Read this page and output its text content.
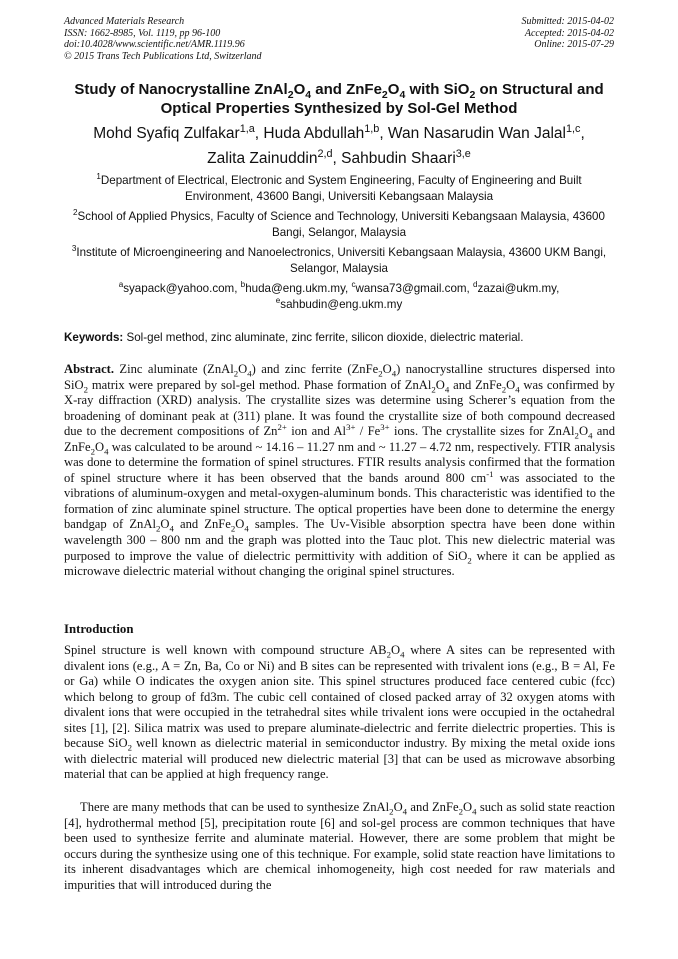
Advanced Materials Research
ISSN: 1662-8985, Vol. 1119, pp 96-100
doi:10.4028/www.scientific.net/AMR.1119.96
© 2015 Trans Tech Publications Ltd, Switzerland
Submitted: 2015-04-02
Accepted: 2015-04-02
Online: 2015-07-29
Study of Nanocrystalline $ZnAl_2O_4$ and $ZnFe_2O_4$ with SiO$_2$ on Structural and Optical Properties Synthesized by Sol-Gel Method
Mohd Syafiq Zulfakar$^{1,a}$, Huda Abdullah$^{1,b}$, Wan Nasarudin Wan Jalal$^{1,c}$,
Zalita Zainuddin$^{2,d}$, Sahbudin Shaari$^{3,e}$
$^1$Department of Electrical, Electronic and System Engineering, Faculty of Engineering and Built Environment, 43600 Bangi, Universiti Kebangsaan Malaysia
$^2$School of Applied Physics, Faculty of Science and Technology, Universiti Kebangsaan Malaysia, 43600 Bangi, Selangor, Malaysia
$^3$Institute of Microengineering and Nanoelectronics, Universiti Kebangsaan Malaysia, 43600 UKM Bangi, Selangor, Malaysia
$^a$syapack@yahoo.com, $^b$huda@eng.ukm.my, $^c$wansa73@gmail.com, $^d$zazai@ukm.my,
$^e$sahbudin@eng.ukm.my
Keywords: Sol-gel method, zinc aluminate, zinc ferrite, silicon dioxide, dielectric material.
Abstract. Zinc aluminate $(ZnAl_2O_4)$ and zinc ferrite $(ZnFe_2O_4)$ nanocrystalline structures dispersed into SiO$_2$ matrix were prepared by sol-gel method. Phase formation of $ZnAl_2O_4$ and $ZnFe_2O_4$ was confirmed by X-ray diffraction (XRD) analysis. The crystallite sizes was determine using Scherer’s equation from the broadening of dominant peak at (311) plane. It was found the crystallite size of both compound decreased due to the decrement compositions of $Zn^{2+}$ ion and $Al^{3+} / Fe^{3+}$ ions. The crystallite sizes for $ZnAl_2O_4$ and $ZnFe_2O_4$ was calculated to be around ~ 14.16 – 11.27 nm and ~ 11.27 – 4.72 nm, respectively. FTIR analysis was done to determine the formation of spinel structures. FTIR results analysis confirmed that the formation of spinel structure where it has been observed that the bands around 800 $cm^{-1}$ was associated to the vibrations of aluminum-oxygen and metal-oxygen-aluminum bonds. This characteristic was identified to the formation of zinc aluminate spinel structure. The optical properties have been done to determine the energy bandgap of $ZnAl_2O_4$ and $ZnFe_2O_4$ samples. The Uv-Visible absorption spectra have been done within wavelength 300 – 800 nm and the graph was plotted into the Tauc plot. This new dielectric material was purposed to improve the value of dielectric permittivity with addition of SiO$_2$ where it can be applied as microwave dielectric material without changing the original spinel structures.
Introduction
Spinel structure is well known with compound structure $AB_2O_4$ where A sites can be represented with divalent ions (e.g., A = Zn, Ba, Co or Ni) and B sites can be represented with trivalent ions (e.g., B = Al, Fe or Ga) while O indicates the oxygen anion site. This spinel structures produced face centered cubic (fcc) which belong to group of fd3m. The cubic cell contained of closed packed array of 32 oxygen atoms with divalent ions that were occupied in the tetrahedral sites while trivalent ions were occupied in the octahedral sites [1], [2]. Silica matrix was used to prepare aluminate-dielectric and ferrite dielectric properties. This is because SiO$_2$ well known as dielectric material in semiconductor industry. By mixing the metal oxide ions with dielectric material will produced new dielectric material [3] that can be used as microwave absorbing material that can be applied at high frequency range.
There are many methods that can be used to synthesize $ZnAl_2O_4$ and $ZnFe_2O_4$ such as solid state reaction [4], hydrothermal method [5], precipitation route [6] and sol-gel process are common techniques that have been used to synthesize ferrite and aluminate material. However, there are some problem that might be occurs during the synthesize using one of this technique. For example, solid state reaction have limitations to its inherent disadvantages which are chemical inhomogeneity, high cost needed for raw materials and impurities that will introduced during the
